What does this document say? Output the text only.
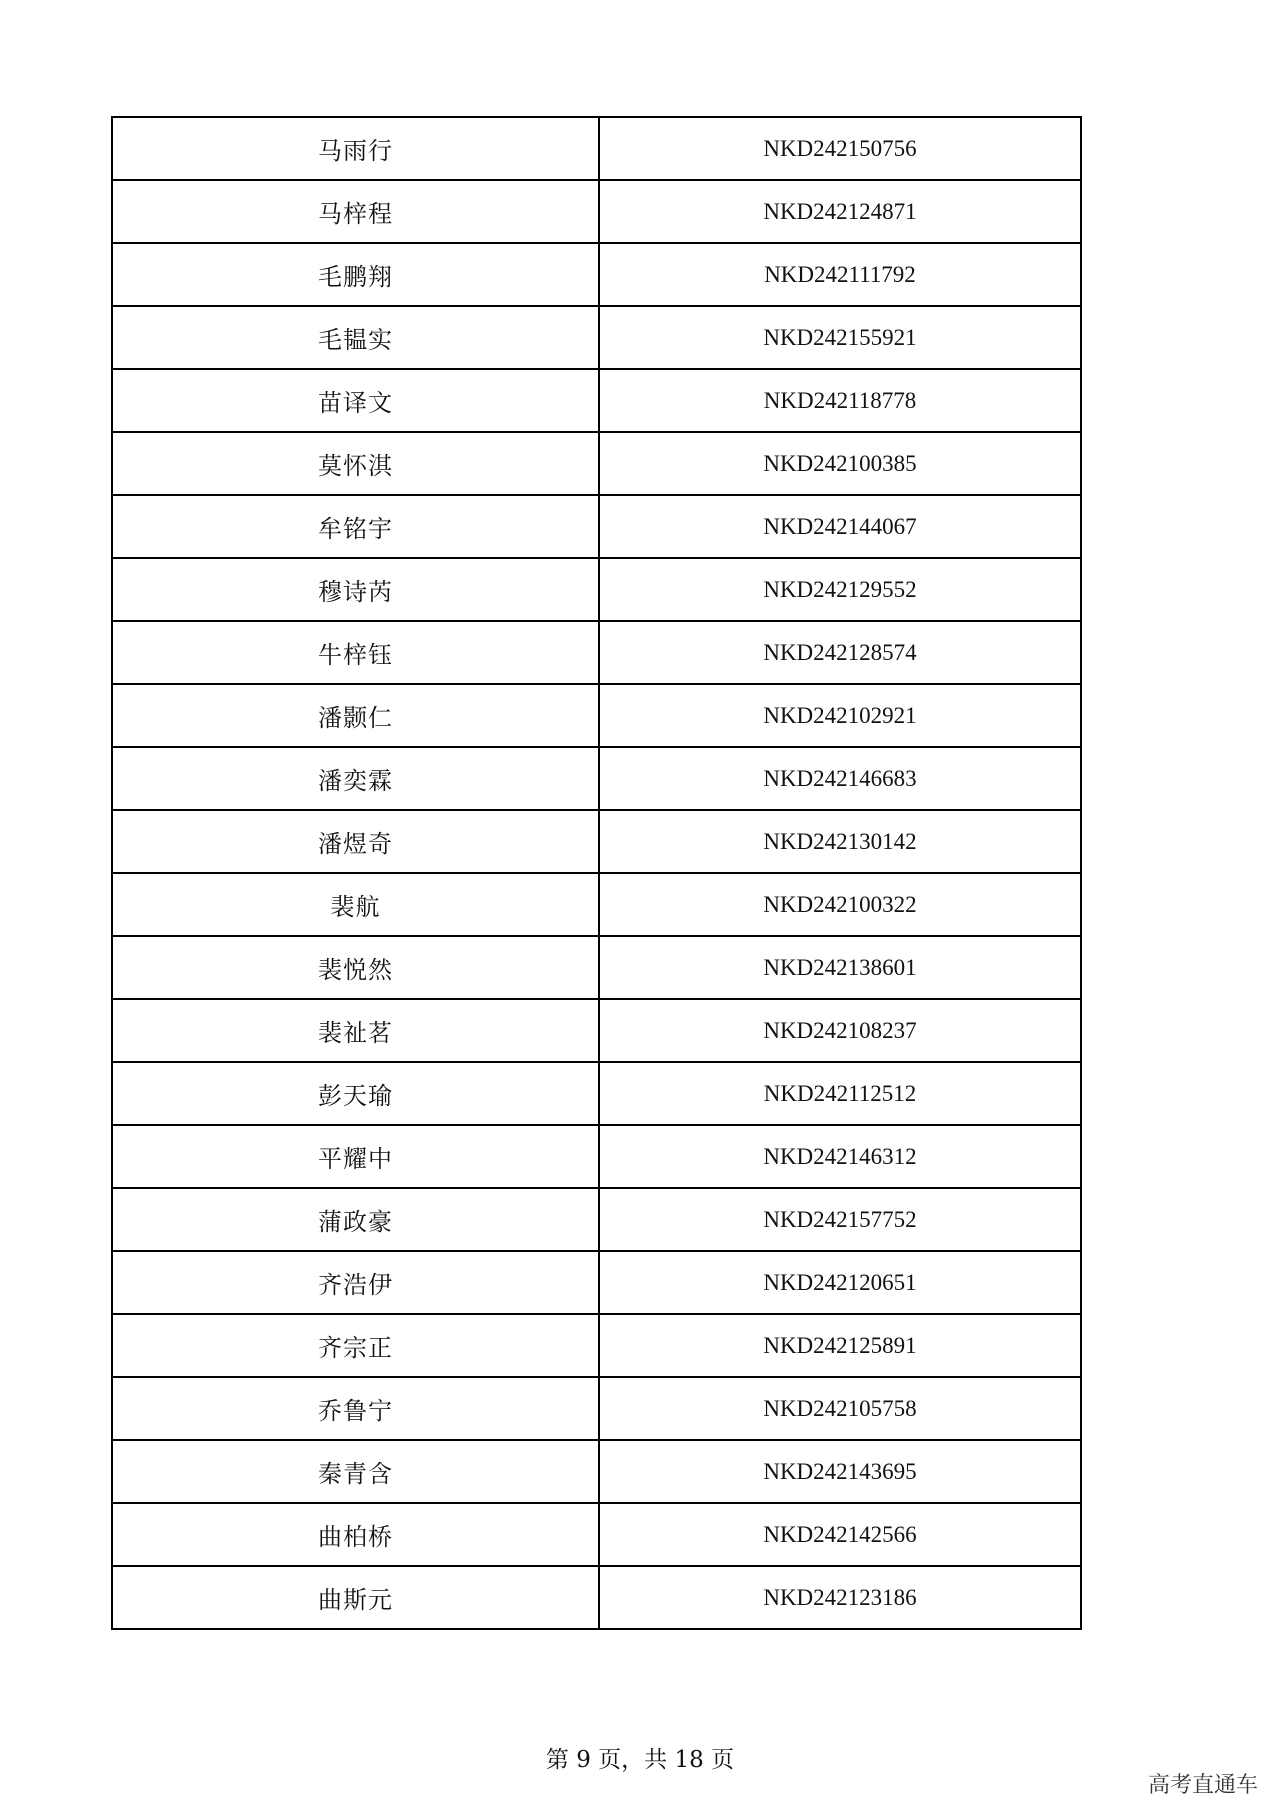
马雨行	NKD242150756
马梓程	NKD242124871
毛鹏翔	NKD242111792
毛韫实	NKD242155921
苗译文	NKD242118778
莫怀淇	NKD242100385
牟铭宇	NKD242144067
穆诗芮	NKD242129552
牛梓钰	NKD242128574
潘颢仁	NKD242102921
潘奕霖	NKD242146683
潘煜奇	NKD242130142
裴航	NKD242100322
裴悦然	NKD242138601
裴祉茗	NKD242108237
彭天瑜	NKD242112512
平耀中	NKD242146312
蒲政豪	NKD242157752
齐浩伊	NKD242120651
齐宗正	NKD242125891
乔鲁宁	NKD242105758
秦青含	NKD242143695
曲柏桥	NKD242142566
曲斯元	NKD242123186
第 9 页，共 18 页
高考直通车
